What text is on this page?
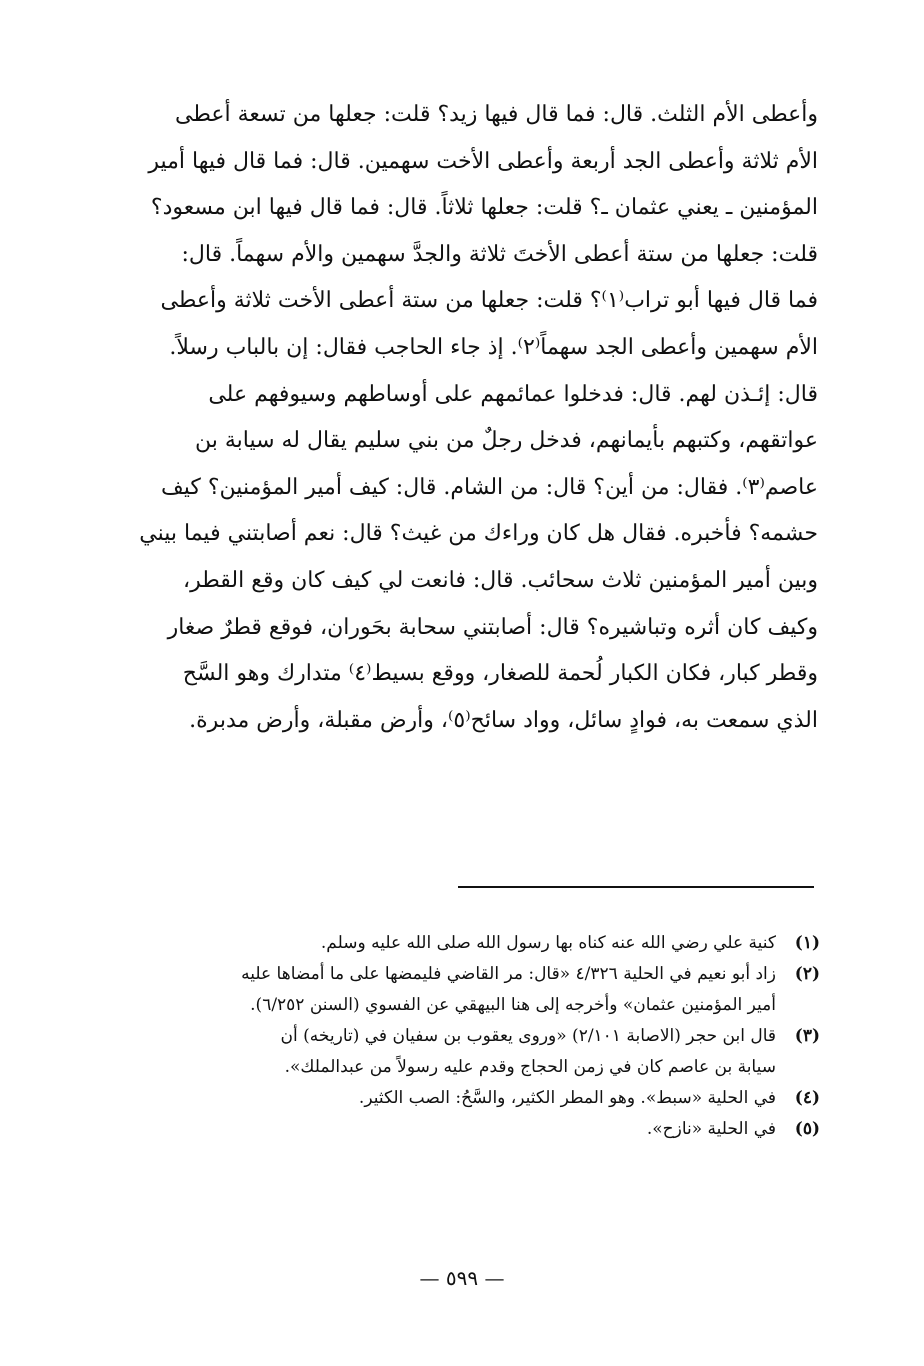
وأعطى الأم الثلث. قال: فما قال فيها زيد؟ قلت: جعلها من تسعة أعطى
الأم ثلاثة وأعطى الجد أربعة وأعطى الأخت سهمين. قال: فما قال فيها أمير
المؤمنين ـ يعني عثمان ـ؟ قلت: جعلها ثلاثاً. قال: فما قال فيها ابن مسعود؟
قلت: جعلها من ستة أعطى الأختَ ثلاثة والجدَّ سهمين والأم سهماً. قال:
فما قال فيها أبو تراب⁽١⁾؟ قلت: جعلها من ستة أعطى الأخت ثلاثة وأعطى
الأم سهمين وأعطى الجد سهماً⁽٢⁾. إذ جاء الحاجب فقال: إن بالباب رسلاً.
قال: إئـذن لهم. قال: فدخلوا عمائمهم على أوساطهم وسيوفهم على
عواتقهم، وكتبهم بأيمانهم، فدخل رجلٌ من بني سليم يقال له سيابة بن
عاصم⁽٣⁾. فقال: من أين؟ قال: من الشام. قال: كيف أمير المؤمنين؟ كيف
حشمه؟ فأخبره. فقال هل كان وراءك من غيث؟ قال: نعم أصابتني فيما بيني
وبين أمير المؤمنين ثلاث سحائب. قال: فانعت لي كيف كان وقع القطر،
وكيف كان أثره وتباشيره؟ قال: أصابتني سحابة بحَوران، فوقع قطرٌ صغار
وقطر كبار، فكان الكبار لُحمة للصغار، ووقع بسيط⁽٤⁾ متدارك وهو السَّح
الذي سمعت به، فوادٍ سائل، وواد سائح⁽٥⁾، وأرض مقبلة، وأرض مدبرة.
(١)
كنية علي رضي الله عنه كناه بها رسول الله صلى الله عليه وسلم.
(٢)
زاد أبو نعيم في الحلية ٤/٣٢٦ «قال: مر القاضي فليمضها على ما أمضاها عليه
أمير المؤمنين عثمان» وأخرجه إلى هنا البيهقي عن الفسوي (السنن ٦/٢٥٢).
(٣)
قال ابن حجر (الاصابة ٢/١٠١) «وروى يعقوب بن سفيان في (تاريخه) أن
سيابة بن عاصم كان في زمن الحجاج وقدم عليه رسولاً من عبدالملك».
(٤)
في الحلية «سبط». وهو المطر الكثير، والسَّحُ: الصب الكثير.
(٥)
في الحلية «نازح».
— ٥٩٩ —
